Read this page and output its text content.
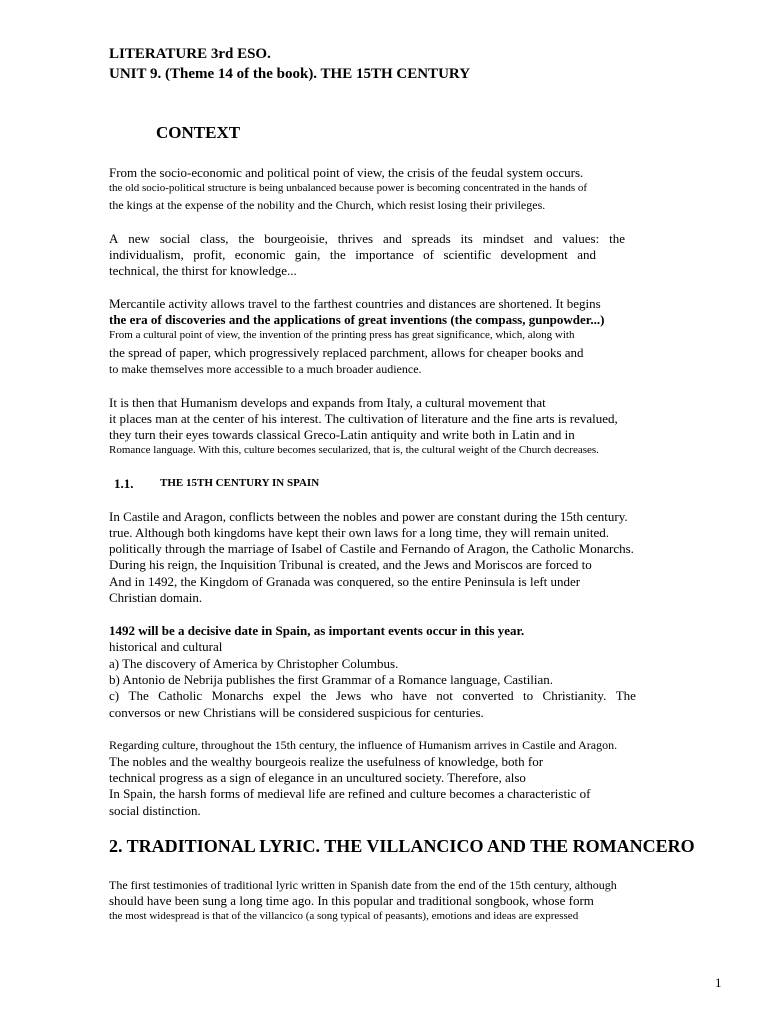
LITERATURE 3rd ESO.
UNIT 9. (Theme 14 of the book). THE 15TH CENTURY
CONTEXT
From the socio-economic and political point of view, the crisis of the feudal system occurs.
the old socio-political structure is being unbalanced because power is becoming concentrated in the hands of
the kings at the expense of the nobility and the Church, which resist losing their privileges.
A new social class, the bourgeoisie, thrives and spreads its mindset and values: the
individualism, profit, economic gain, the importance of scientific development and
technical, the thirst for knowledge...
Mercantile activity allows travel to the farthest countries and distances are shortened. It begins
the era of discoveries and the applications of great inventions (the compass, gunpowder...)
From a cultural point of view, the invention of the printing press has great significance, which, along with
the spread of paper, which progressively replaced parchment, allows for cheaper books and
to make themselves more accessible to a much broader audience.
It is then that Humanism develops and expands from Italy, a cultural movement that
it places man at the center of his interest. The cultivation of literature and the fine arts is revalued,
they turn their eyes towards classical Greco-Latin antiquity and write both in Latin and in
Romance language. With this, culture becomes secularized, that is, the cultural weight of the Church decreases.
1.1. THE 15TH CENTURY IN SPAIN
In Castile and Aragon, conflicts between the nobles and power are constant during the 15th century.
true. Although both kingdoms have kept their own laws for a long time, they will remain united.
politically through the marriage of Isabel of Castile and Fernando of Aragon, the Catholic Monarchs.
During his reign, the Inquisition Tribunal is created, and the Jews and Moriscos are forced to
And in 1492, the Kingdom of Granada was conquered, so the entire Peninsula is left under
Christian domain.
1492 will be a decisive date in Spain, as important events occur in this year.
historical and cultural
a) The discovery of America by Christopher Columbus.
b) Antonio de Nebrija publishes the first Grammar of a Romance language, Castilian.
c) The Catholic Monarchs expel the Jews who have not converted to Christianity. The
conversos or new Christians will be considered suspicious for centuries.
Regarding culture, throughout the 15th century, the influence of Humanism arrives in Castile and Aragon.
The nobles and the wealthy bourgeois realize the usefulness of knowledge, both for
technical progress as a sign of elegance in an uncultured society. Therefore, also
In Spain, the harsh forms of medieval life are refined and culture becomes a characteristic of
social distinction.
2. TRADITIONAL LYRIC. THE VILLANCICO AND THE ROMANCERO
The first testimonies of traditional lyric written in Spanish date from the end of the 15th century, although
should have been sung a long time ago. In this popular and traditional songbook, whose form
the most widespread is that of the villancico (a song typical of peasants), emotions and ideas are expressed
1
